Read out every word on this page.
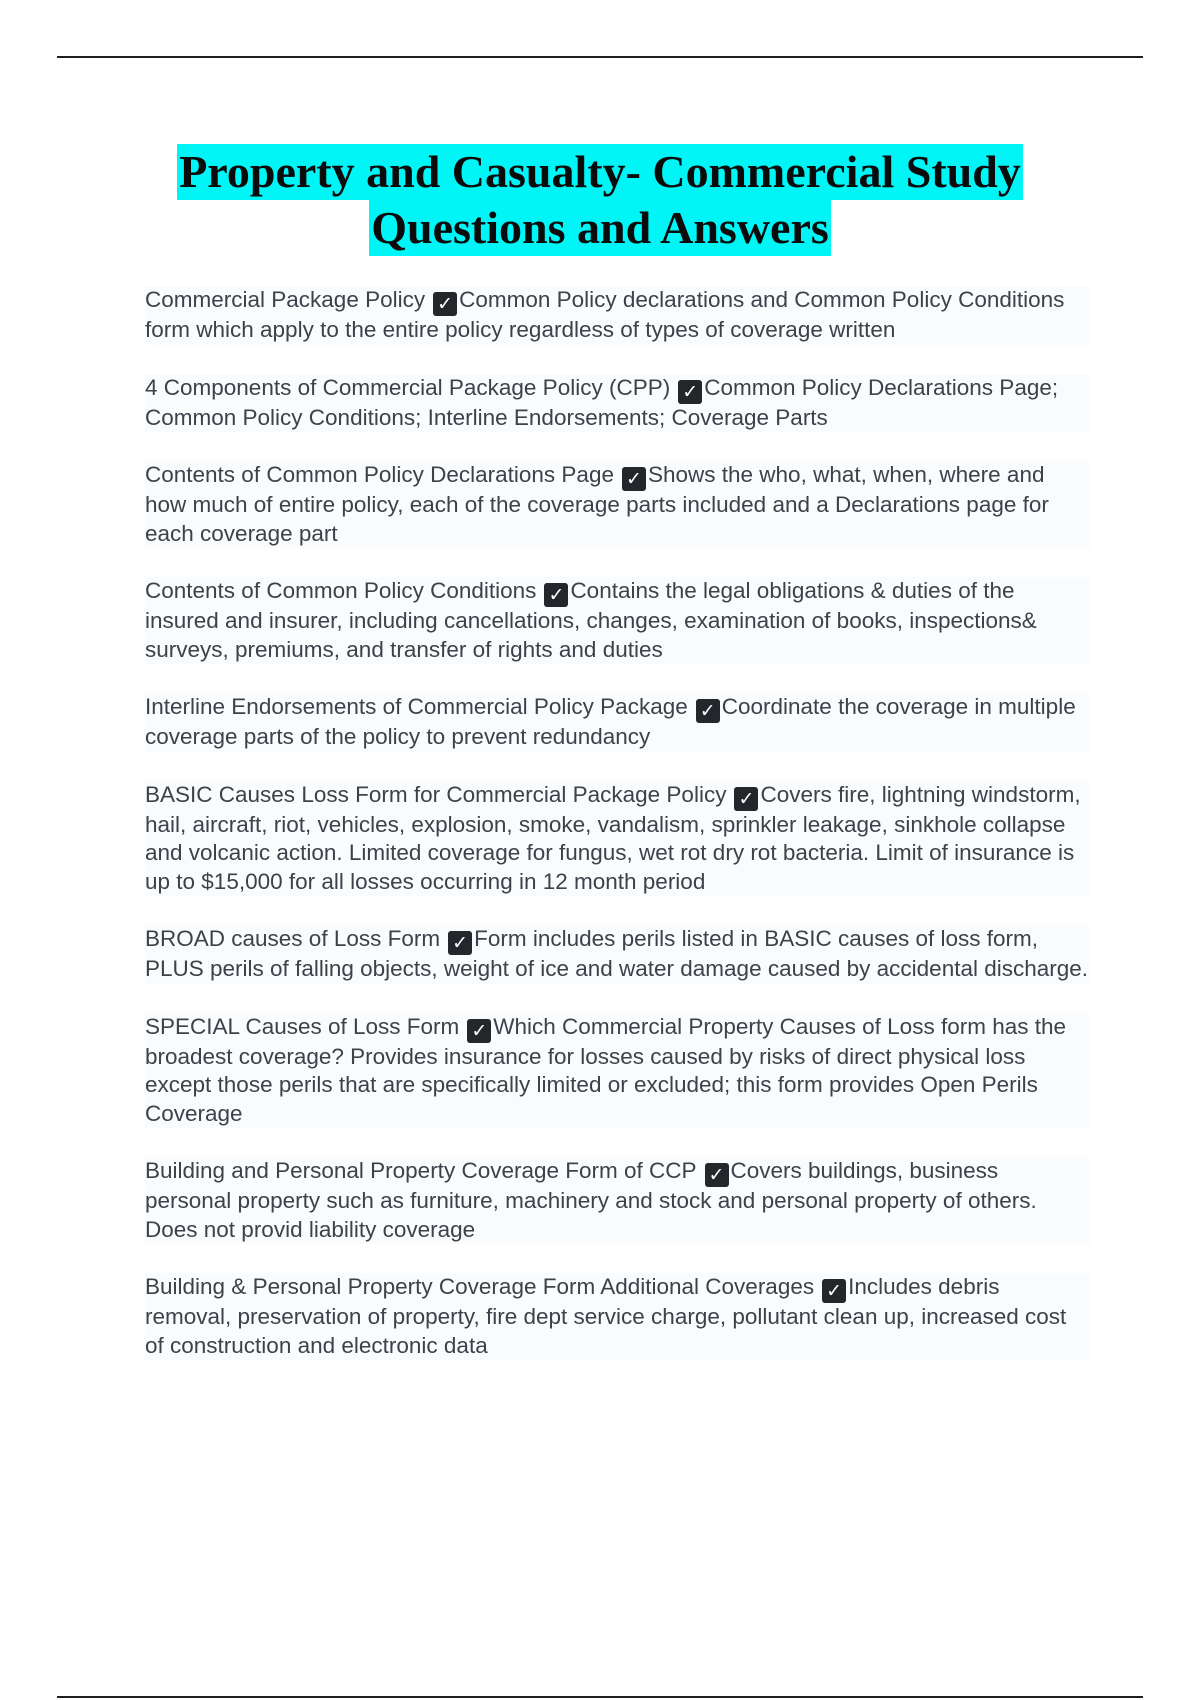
Property and Casualty- Commercial Study
Questions and Answers
Commercial Package Policy ✓ Common Policy declarations and Common Policy Conditions form which apply to the entire policy regardless of types of coverage written
4 Components of Commercial Package Policy (CPP) ✓ Common Policy Declarations Page; Common Policy Conditions; Interline Endorsements; Coverage Parts
Contents of Common Policy Declarations Page ✓ Shows the who, what, when, where and how much of entire policy, each of the coverage parts included and a Declarations page for each coverage part
Contents of Common Policy Conditions ✓ Contains the legal obligations & duties of the insured and insurer, including cancellations, changes, examination of books, inspections& surveys, premiums, and transfer of rights and duties
Interline Endorsements of Commercial Policy Package ✓ Coordinate the coverage in multiple coverage parts of the policy to prevent redundancy
BASIC Causes Loss Form for Commercial Package Policy ✓ Covers fire, lightning windstorm, hail, aircraft, riot, vehicles, explosion, smoke, vandalism, sprinkler leakage, sinkhole collapse and volcanic action. Limited coverage for fungus, wet rot dry rot bacteria. Limit of insurance is up to $15,000 for all losses occurring in 12 month period
BROAD causes of Loss Form ✓ Form includes perils listed in BASIC causes of loss form, PLUS perils of falling objects, weight of ice and water damage caused by accidental discharge.
SPECIAL Causes of Loss Form ✓ Which Commercial Property Causes of Loss form has the broadest coverage? Provides insurance for losses caused by risks of direct physical loss except those perils that are specifically limited or excluded; this form provides Open Perils Coverage
Building and Personal Property Coverage Form of CCP ✓ Covers buildings, business personal property such as furniture, machinery and stock and personal property of others. Does not provid liability coverage
Building & Personal Property Coverage Form Additional Coverages ✓ Includes debris removal, preservation of property, fire dept service charge, pollutant clean up, increased cost of construction and electronic data
